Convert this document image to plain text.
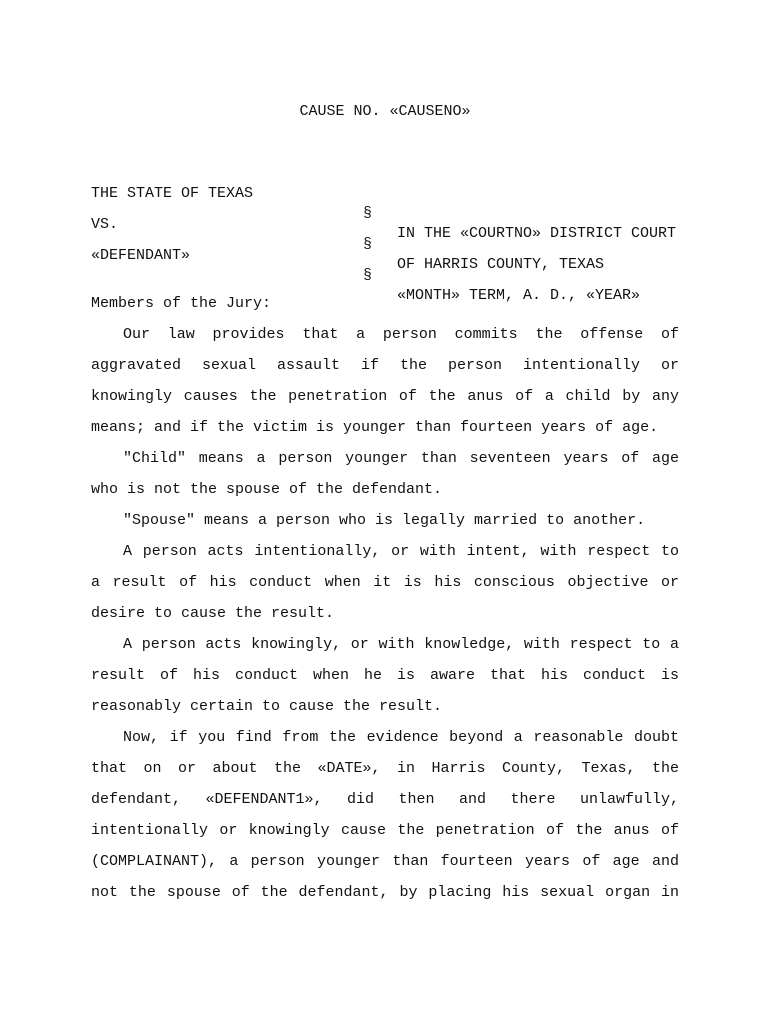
CAUSE NO. «CAUSENO»

THE STATE OF TEXAS

§

IN THE «COURTNO» DISTRICT COURT

VS.

§

OF HARRIS COUNTY, TEXAS

«DEFENDANT»

§

«MONTH» TERM, A. D., «YEAR»

Members of the Jury:

Our law provides that a person commits the offense of aggravated sexual assault if the person intentionally or knowingly causes the penetration of the anus of a child by any means; and if the victim is younger than fourteen years of age.

"Child" means a person younger than seventeen years of age who is not the spouse of the defendant.

"Spouse" means a person who is legally married to another.

A person acts intentionally, or with intent, with respect to a result of his conduct when it is his conscious objective or desire to cause the result.

A person acts knowingly, or with knowledge, with respect to a result of his conduct when he is aware that his conduct is reasonably certain to cause the result.

Now, if you find from the evidence beyond a reasonable doubt that on or about the «DATE», in Harris County, Texas, the defendant, «DEFENDANT1», did then and there unlawfully, intentionally or knowingly cause the penetration of the anus of (COMPLAINANT), a person younger than fourteen years of age and not the spouse of the defendant, by placing his sexual organ in
